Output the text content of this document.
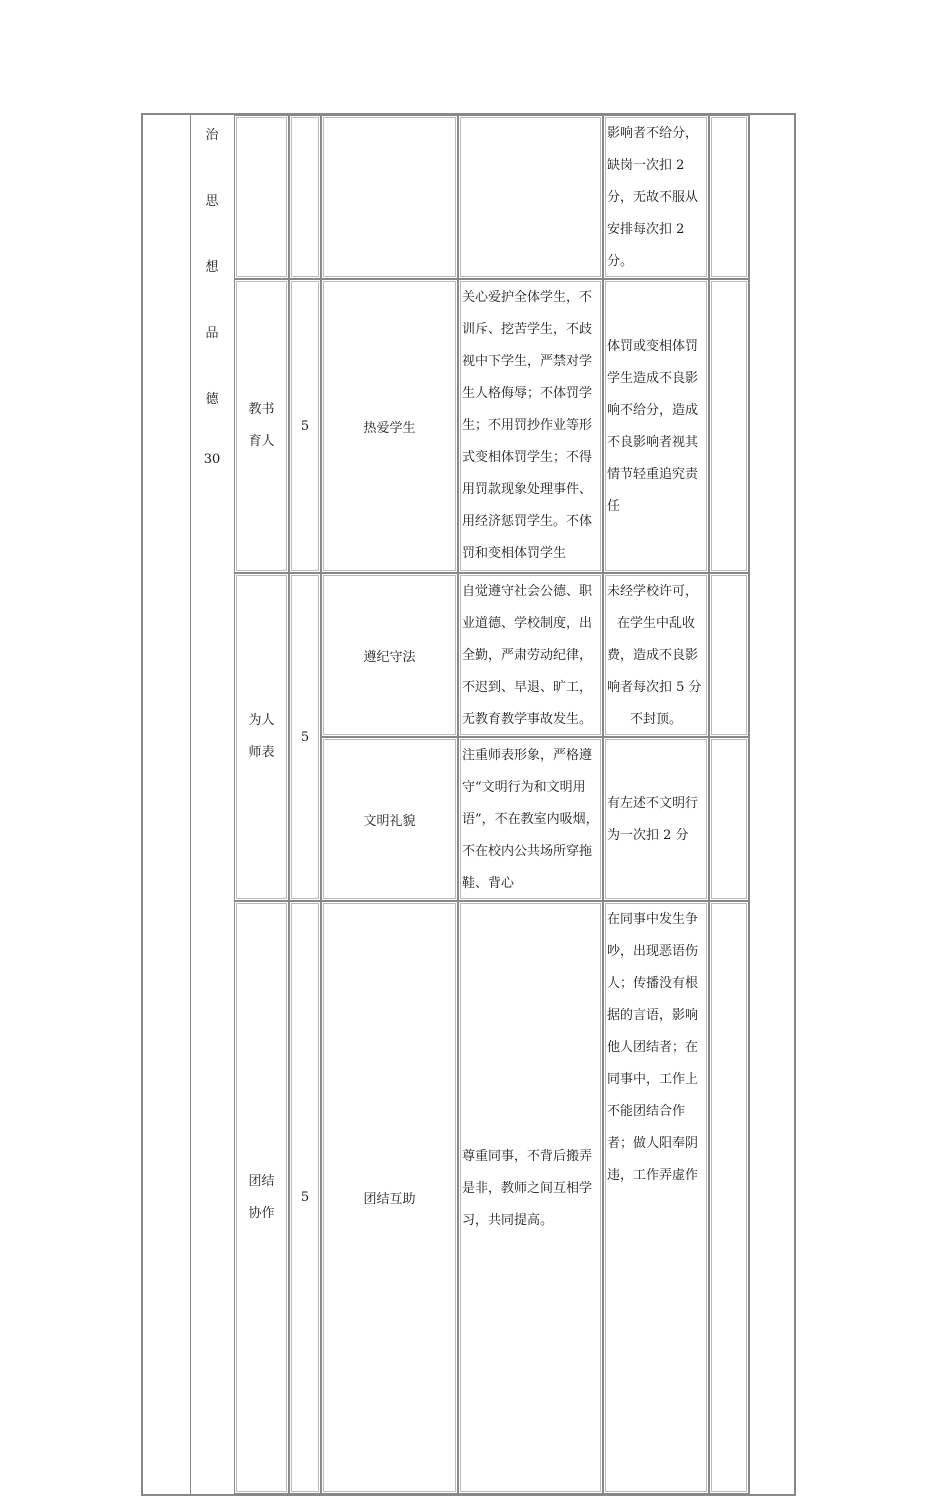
治
思
想
品
德
30
影响者不给分，缺岗一次扣 2 分，无故不服从安排每次扣 2 分。
教书育人
5	热爱学生
关心爱护全体学生，不训斥、挖苦学生，不歧视中下学生，严禁对学生人格侮辱；不体罚学生；不用罚抄作业等形式变相体罚学生；不得用罚款现象处理事件、用经济惩罚学生。不体罚和变相体罚学生
体罚或变相体罚学生造成不良影响不给分，造成不良影响者视其情节轻重追究责任
为人师表
5
遵纪守法
自觉遵守社会公德、职业道德、学校制度，出全勤，严肃劳动纪律，不迟到、早退、旷工，无教育教学事故发生。
未经学校许可，
在学生中乱收
费，造成不良影
响者每次扣 5 分
不封顶。
文明礼貌
注重师表形象，严格遵守“文明行为和文明用语”，不在教室内吸烟，不在校内公共场所穿拖鞋、背心
有左述不文明行为一次扣 2 分
团结协作
5	团结互助
尊重同事，不背后搬弄是非，教师之间互相学习，共同提高。
在同事中发生争吵，出现恶语伤人；传播没有根据的言语，影响他人团结者；在同事中，工作上不能团结合作者；做人阳奉阴违，工作弄虚作
